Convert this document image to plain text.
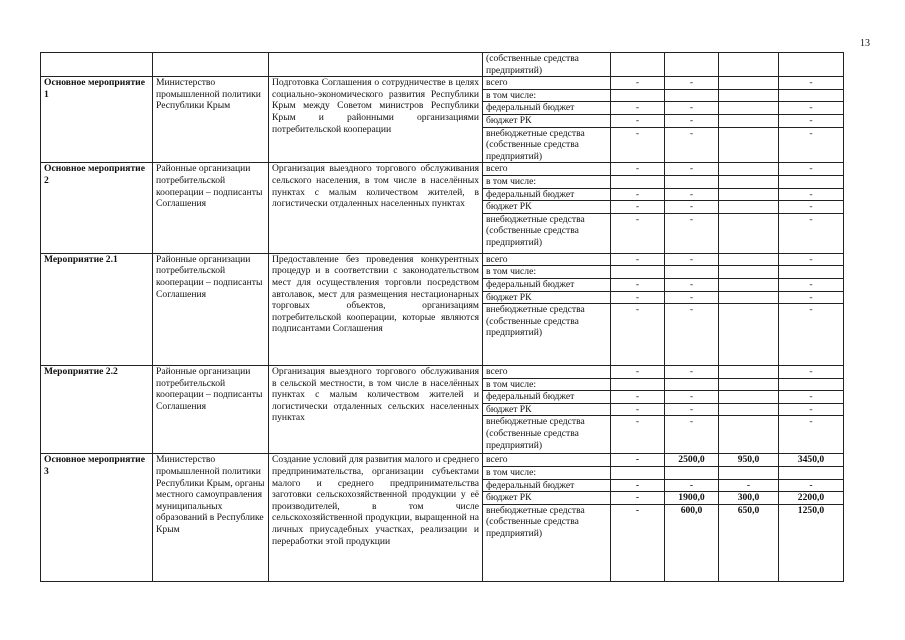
13
			(собственные средства предприятий)				
Основное мероприятие 1	Министерство промышленной политики Республики Крым	Подготовка Соглашения о сотрудничестве в целях социально-экономического развития Республики Крым между Советом министров Республики Крым и районными организациями потребительской кооперации	всего	-	-		-
			в том числе:				
			федеральный бюджет	-	-		-
			бюджет РК	-	-		-
			внебюджетные средства (собственные средства предприятий)	-	-		-
Основное мероприятие 2	Районные организации потребительской кооперации – подписанты Соглашения	Организация выездного торгового обслуживания сельского населения, в том числе в населённых пунктах с малым количеством жителей, в логистически отдаленных населенных пунктах	всего	-	-		-
			в том числе:				
			федеральный бюджет	-	-		-
			бюджет РК	-	-		-
			внебюджетные средства (собственные средства предприятий)	-	-		-
Мероприятие 2.1	Районные организации потребительской кооперации – подписанты Соглашения	Предоставление без проведения конкурентных процедур и в соответствии с законодательством мест для осуществления торговли посредством автолавок, мест для размещения нестационарных торговых объектов, организациям потребительской кооперации, которые являются подписантами Соглашения	всего	-	-		-
			в том числе:				
			федеральный бюджет	-	-		-
			бюджет РК	-	-		-
			внебюджетные средства (собственные средства предприятий)	-	-		-
Мероприятие 2.2	Районные организации потребительской кооперации – подписанты Соглашения	Организация выездного торгового обслуживания в сельской местности, в том числе в населённых пунктах с малым количеством жителей и логистически отдаленных сельских населенных пунктах	всего	-	-		-
			в том числе:				
			федеральный бюджет	-	-		-
			бюджет РК	-	-		-
			внебюджетные средства (собственные средства предприятий)	-	-		-
Основное мероприятие 3	Министерство промышленной политики Республики Крым, органы местного самоуправления муниципальных образований в Республике Крым	Создание условий для развития малого и среднего предпринимательства, организации субъектами малого и среднего предпринимательства заготовки сельскохозяйственной продукции у её производителей, в том числе сельскохозяйственной продукции, выращенной на личных приусадебных участках, реализации и переработки этой продукции	всего	-	2500,0	950,0	3450,0
			в том числе:				
			федеральный бюджет	-	-	-	-
			бюджет РК	-	1900,0	300,0	2200,0
			внебюджетные средства (собственные средства предприятий)	-	600,0	650,0	1250,0
